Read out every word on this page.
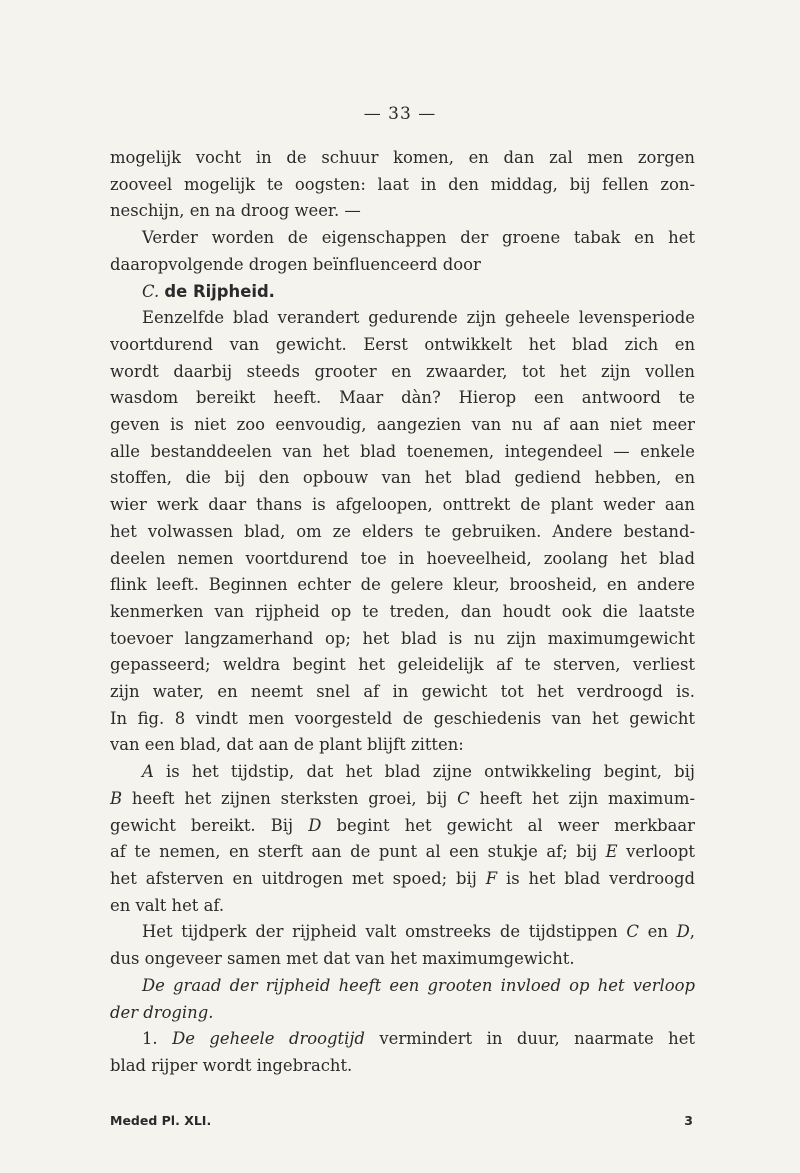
— 33 —

mogelijk vocht in de schuur komen, en dan zal men zorgen
zooveel mogelijk te oogsten: laat in den middag, bij fellen zon-
neschijn, en na droog weer. —

Verder worden de eigenschappen der groene tabak en het
daaropvolgende drogen beïnfluenceerd door

C. de Rijpheid.

Eenzelfde blad verandert gedurende zijn geheele levensperiode
voortdurend van gewicht. Eerst ontwikkelt het blad zich en
wordt daarbij steeds grooter en zwaarder, tot het zijn vollen
wasdom bereikt heeft. Maar dàn? Hierop een antwoord te
geven is niet zoo eenvoudig, aangezien van nu af aan niet meer
alle bestanddeelen van het blad toenemen, integendeel — enkele
stoffen, die bij den opbouw van het blad gediend hebben, en
wier werk daar thans is afgeloopen, onttrekt de plant weder aan
het volwassen blad, om ze elders te gebruiken. Andere bestand-
deelen nemen voortdurend toe in hoeveelheid, zoolang het blad
flink leeft. Beginnen echter de gelere kleur, broosheid, en andere
kenmerken van rijpheid op te treden, dan houdt ook die laatste
toevoer langzamerhand op; het blad is nu zijn maximumgewicht
gepasseerd; weldra begint het geleidelijk af te sterven, verliest
zijn water, en neemt snel af in gewicht tot het verdroogd is.
In fig. 8 vindt men voorgesteld de geschiedenis van het gewicht
van een blad, dat aan de plant blijft zitten:

A is het tijdstip, dat het blad zijne ontwikkeling begint, bij
B heeft het zijnen sterksten groei, bij C heeft het zijn maximum-
gewicht bereikt. Bij D begint het gewicht al weer merkbaar
af te nemen, en sterft aan de punt al een stukje af; bij E verloopt
het afsterven en uitdrogen met spoed; bij F is het blad verdroogd
en valt het af.

Het tijdperk der rijpheid valt omstreeks de tijdstippen C en D,
dus ongeveer samen met dat van het maximumgewicht.

De graad der rijpheid heeft een grooten invloed op het verloop
der droging.

1. De geheele droogtijd vermindert in duur, naarmate het
blad rijper wordt ingebracht.

Meded Pl. XLI.	3
